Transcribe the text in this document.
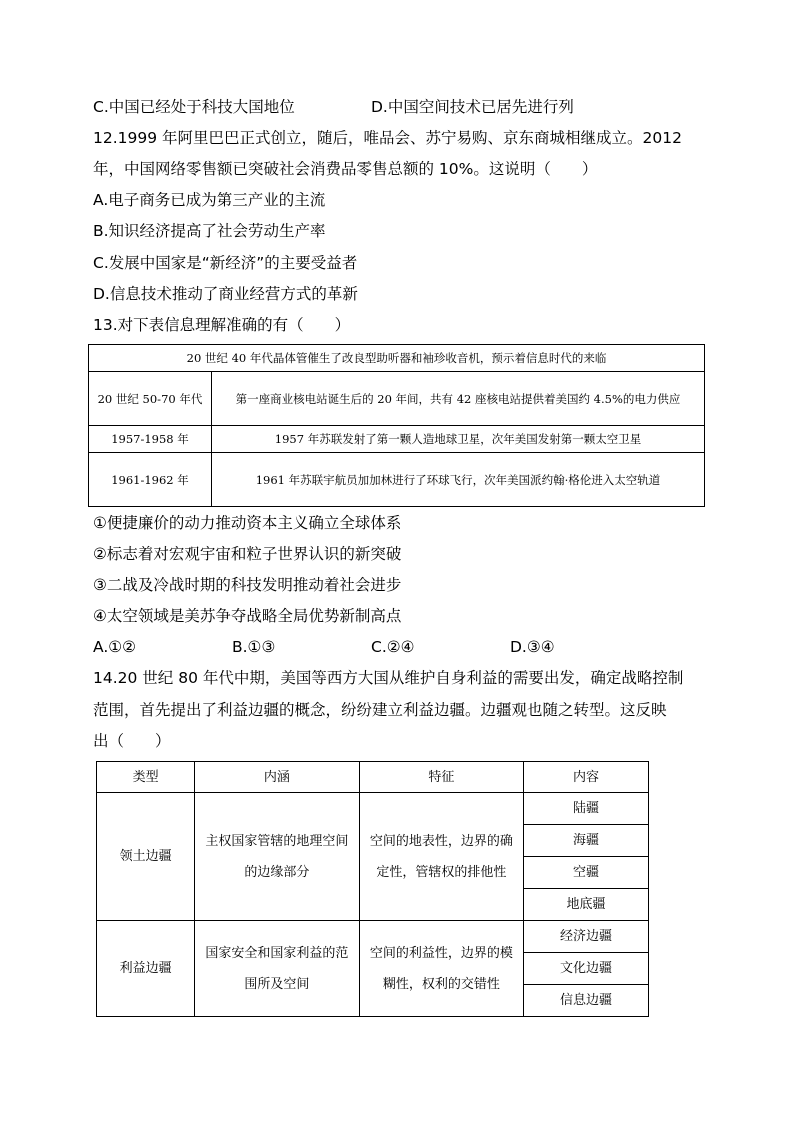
C.中国已经处于科技大国地位	D.中国空间技术已居先进行列
12.1999 年阿里巴巴正式创立，随后，唯品会、苏宁易购、京东商城相继成立。2012
年，中国网络零售额已突破社会消费品零售总额的 10%。这说明（　　）
A.电子商务已成为第三产业的主流
B.知识经济提高了社会劳动生产率
C.发展中国家是“新经济”的主要受益者
D.信息技术推动了商业经营方式的革新
13.对下表信息理解准确的有（　　）
20 世纪 40 年代晶体管催生了改良型助听器和袖珍收音机，预示着信息时代的来临	
20 世纪 50-70 年代	第一座商业核电站诞生后的 20 年间，共有 42 座核电站提供着美国约 4.5%的电力供应
1957-1958 年	1957 年苏联发射了第一颗人造地球卫星，次年美国发射第一颗太空卫星
1961-1962 年	1961 年苏联宇航员加加林进行了环球飞行，次年美国派约翰·格伦进入太空轨道
①便捷廉价的动力推动资本主义确立全球体系
②标志着对宏观宇宙和粒子世界认识的新突破
③二战及冷战时期的科技发明推动着社会进步
④太空领域是美苏争夺战略全局优势新制高点
A.①②	B.①③	C.②④	D.③④
14.20 世纪 80 年代中期，美国等西方大国从维护自身利益的需要出发，确定战略控制
范围，首先提出了利益边疆的概念，纷纷建立利益边疆。边疆观也随之转型。这反映
出（　　）
类型	内涵	特征	内容
领土边疆	主权国家管辖的地理空间的边缘部分	空间的地表性，边界的确定性，管辖权的排他性	陆疆
海疆
空疆
地底疆

利益边疆	国家安全和国家利益的范围所及空间	空间的利益性，边界的模糊性，权利的交错性	经济边疆
文化边疆
信息边疆
